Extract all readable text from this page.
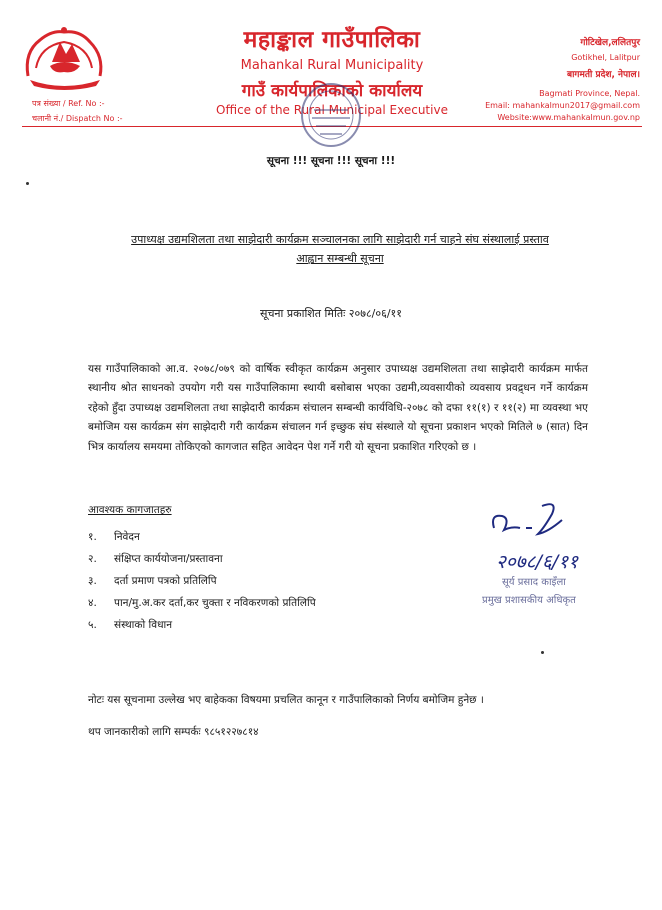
महाङ्काल गाउँपालिका
Mahankal Rural Municipality
गाउँ कार्यपालिकाको कार्यालय
Office of the Rural Municipal Executive
गोटिखेल,ललितपुर
Gotikhel, Lalitpur
बागमती प्रदेश, नेपाल।
Bagmati Province, Nepal.
Email: mahankalmun2017@gmail.com
Website:www.mahankalmun.gov.np
पत्र संख्या / Ref. No :-
चलानी नं./ Dispatch No :-
सूचना !!! सूचना !!! सूचना !!!
उपाध्यक्ष उद्यमशिलता तथा साझेदारी कार्यक्रम सञ्चालनका लागि साझेदारी गर्न चाहने संघ संस्थालाई प्रस्ताव
आह्वान सम्बन्धी सूचना
सूचना प्रकाशित मितिः २०७८/०६/११
यस गाउँपालिकाको आ.व. २०७८/०७९ को वार्षिक स्वीकृत कार्यक्रम अनुसार उपाध्यक्ष उद्यमशिलता तथा साझेदारी कार्यक्रम मार्फत स्थानीय श्रोत साधनको उपयोग गरी यस गाउँपालिकामा स्थायी बसोबास भएका उद्यमी,व्यवसायीको व्यवसाय प्रवद्र्धन गर्ने कार्यक्रम रहेको हुँदा उपाध्यक्ष उद्यमशिलता तथा साझेदारी कार्यक्रम संचालन सम्बन्धी कार्यविधि-२०७८ को दफा ११(१) र ११(२) मा व्यवस्था भए बमोजिम यस कार्यक्रम संग साझेदारी गरी कार्यक्रम संचालन गर्न इच्छुक संघ संस्थाले यो सूचना प्रकाशन भएको मितिले ७ (सात) दिन भित्र कार्यालय समयमा तोकिएको कागजात सहित आवेदन पेश गर्ने गरी यो सूचना प्रकाशित गरिएको छ ।
आवश्यक कागजातहरु
१. निवेदन
२. संक्षिप्त कार्ययोजना/प्रस्तावना
३. दर्ता प्रमाण पत्रको प्रतिलिपि
४. पान/मु.अ.कर दर्ता,कर चुक्ता र नविकरणको प्रतिलिपि
५. संस्थाको विधान
२०७८/६/११
सूर्य प्रसाद काइँला
प्रमुख प्रशासकीय अधिकृत
नोटः यस सूचनामा उल्लेख भए बाहेकका विषयमा प्रचलित कानून र गाउँपालिकाको निर्णय बमोजिम हुनेछ ।
थप जानकारीको लागि सम्पर्कः ९८५१२२७८१४
